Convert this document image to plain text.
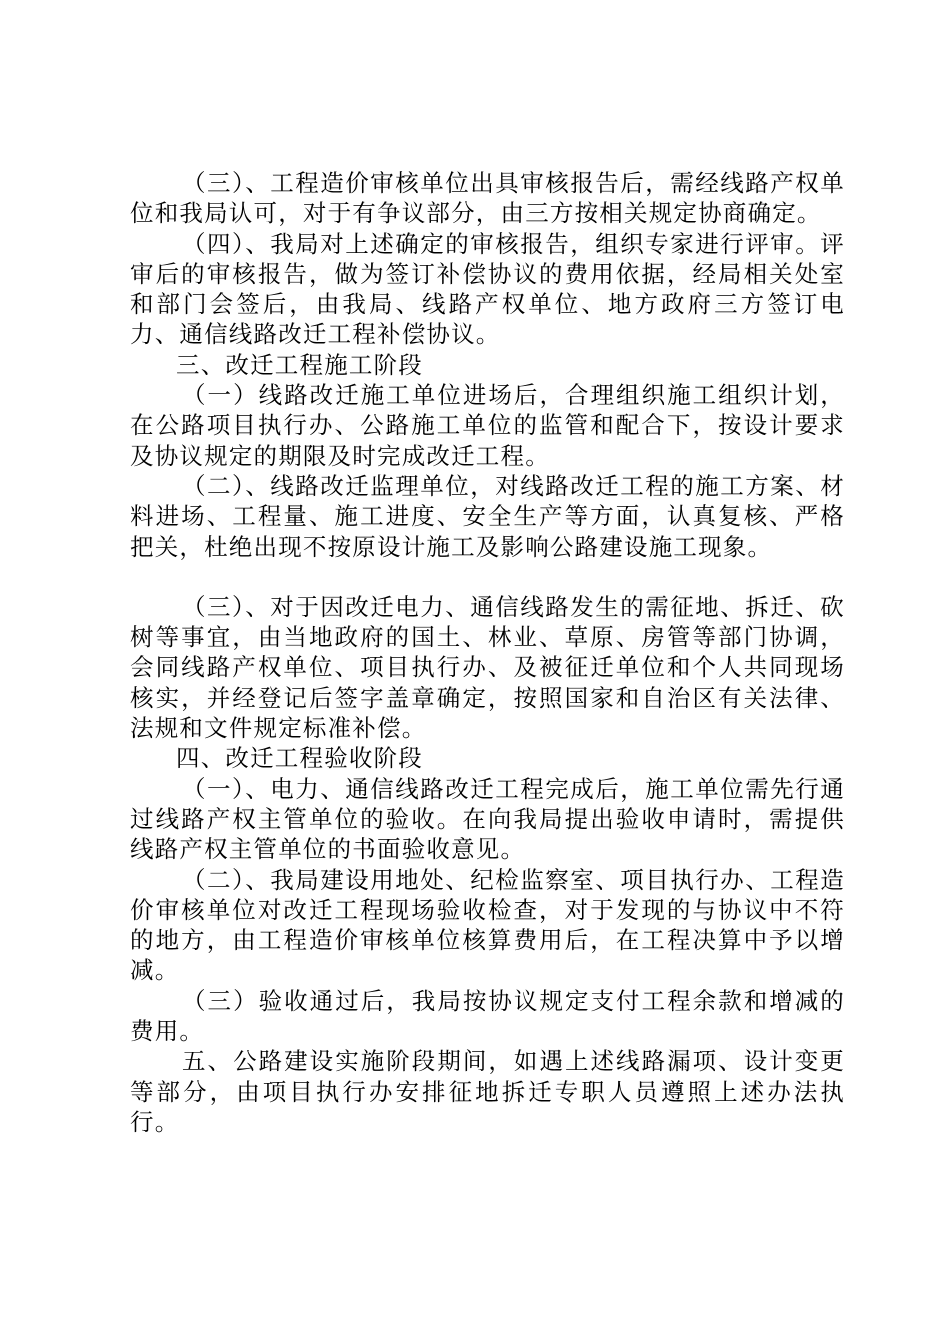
（三）、工程造价审核单位出具审核报告后，需经线路产权单位和我局认可，对于有争议部分，由三方按相关规定协商确定。

（四）、我局对上述确定的审核报告，组织专家进行评审。评审后的审核报告，做为签订补偿协议的费用依据，经局相关处室和部门会签后，由我局、线路产权单位、地方政府三方签订电力、通信线路改迁工程补偿协议。

三、改迁工程施工阶段

（一）线路改迁施工单位进场后，合理组织施工组织计划，在公路项目执行办、公路施工单位的监管和配合下，按设计要求及协议规定的期限及时完成改迁工程。

（二）、线路改迁监理单位，对线路改迁工程的施工方案、材料进场、工程量、施工进度、安全生产等方面，认真复核、严格把关，杜绝出现不按原设计施工及影响公路建设施工现象。

（三）、对于因改迁电力、通信线路发生的需征地、拆迁、砍树等事宜，由当地政府的国土、林业、草原、房管等部门协调，会同线路产权单位、项目执行办、及被征迁单位和个人共同现场核实，并经登记后签字盖章确定，按照国家和自治区有关法律、法规和文件规定标准补偿。

四、改迁工程验收阶段

（一）、电力、通信线路改迁工程完成后，施工单位需先行通过线路产权主管单位的验收。在向我局提出验收申请时，需提供线路产权主管单位的书面验收意见。

（二）、我局建设用地处、纪检监察室、项目执行办、工程造价审核单位对改迁工程现场验收检查，对于发现的与协议中不符的地方，由工程造价审核单位核算费用后，在工程决算中予以增减。

（三）验收通过后，我局按协议规定支付工程余款和增减的费用。

五、公路建设实施阶段期间，如遇上述线路漏项、设计变更等部分，由项目执行办安排征地拆迁专职人员遵照上述办法执行。
